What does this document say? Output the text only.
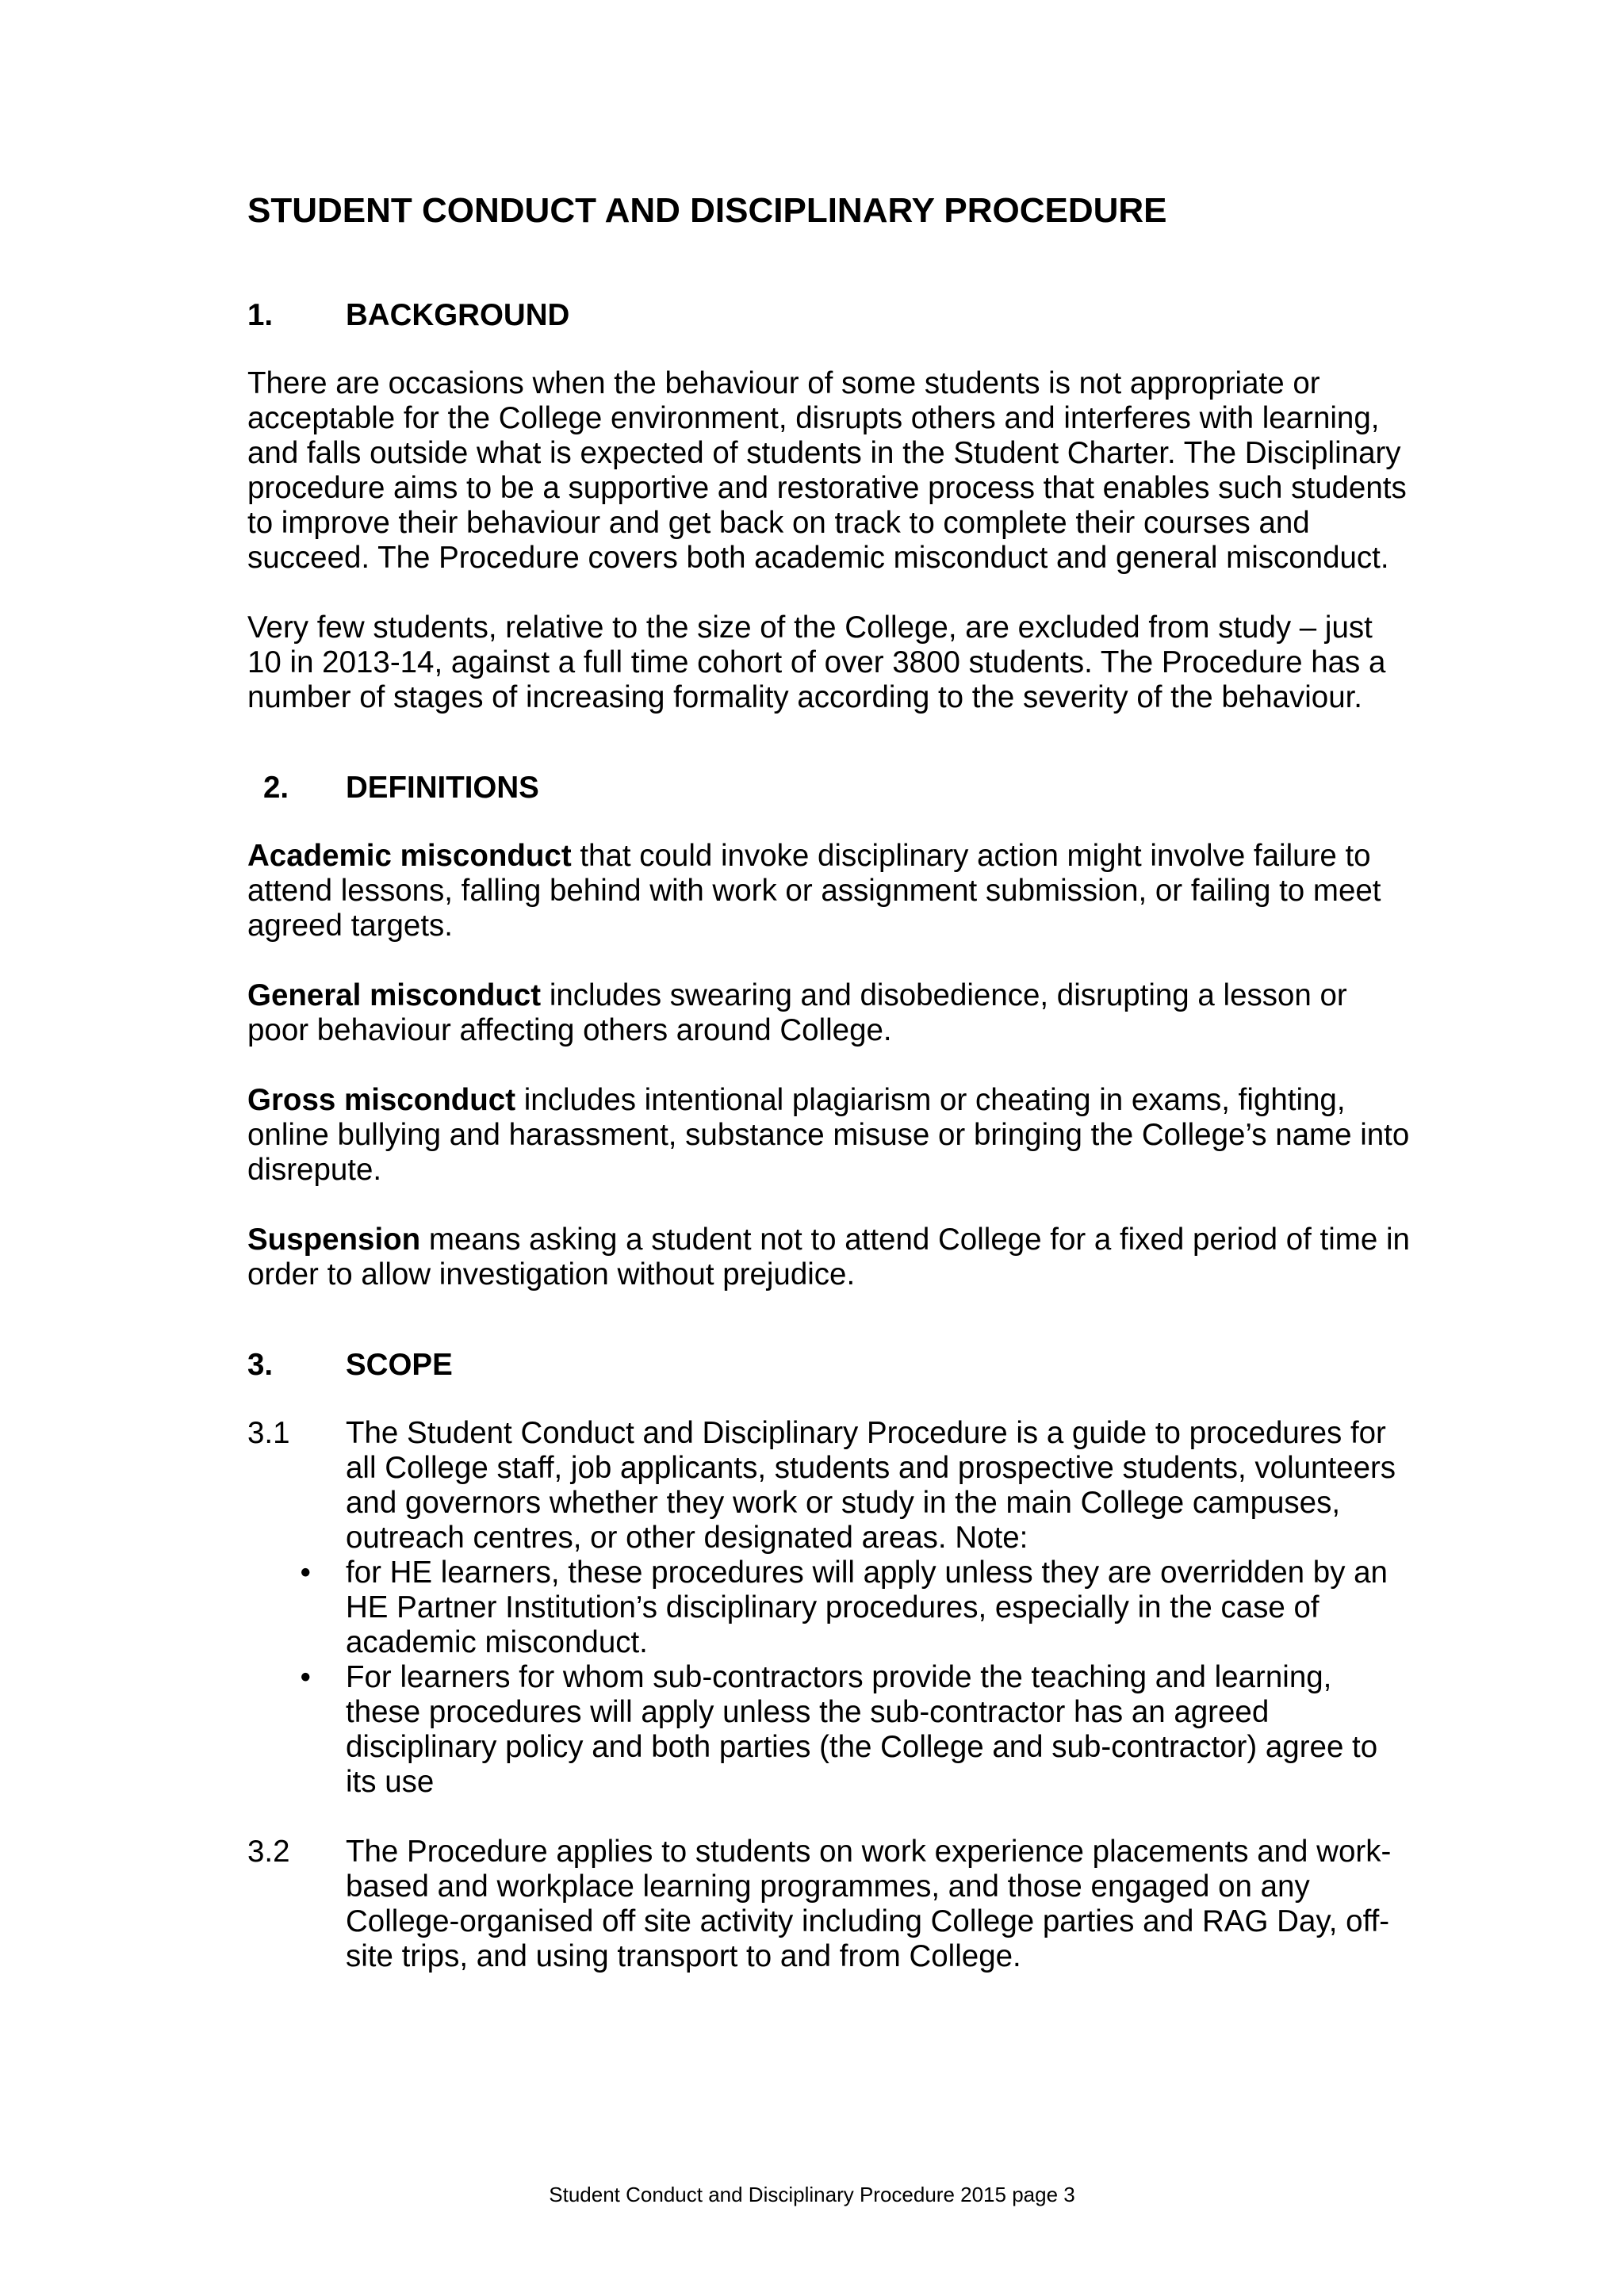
STUDENT CONDUCT AND DISCIPLINARY PROCEDURE
1.	BACKGROUND

There are occasions when the behaviour of some students is not appropriate or acceptable for the College environment, disrupts others and interferes with learning, and falls outside what is expected of students in the Student Charter. The Disciplinary procedure aims to be a supportive and restorative process that enables such students to improve their behaviour and get back on track to complete their courses and succeed. The Procedure covers both academic misconduct and general misconduct.

Very few students, relative to the size of the College, are excluded from study – just 10 in 2013-14, against a full time cohort of over 3800 students. The Procedure has a number of stages of increasing formality according to the severity of the behaviour.

2.	DEFINITIONS

Academic misconduct that could invoke disciplinary action might involve failure to attend lessons, falling behind with work or assignment submission, or failing to meet agreed targets.

General misconduct includes swearing and disobedience, disrupting a lesson or poor behaviour affecting others around College.

Gross misconduct includes intentional plagiarism or cheating in exams, fighting, online bullying and harassment, substance misuse or bringing the College’s name into disrepute.

Suspension means asking a student not to attend College for a fixed period of time in order to allow investigation without prejudice.

3.	SCOPE
3.1	The Student Conduct and Disciplinary Procedure is a guide to procedures for all College staff, job applicants, students and prospective students, volunteers and governors whether they work or study in the main College campuses, outreach centres, or other designated areas. Note:
•	for HE learners, these procedures will apply unless they are overridden by an HE Partner Institution’s disciplinary procedures, especially in the case of academic misconduct.
•	For learners for whom sub-contractors provide the teaching and learning, these procedures will apply unless the sub-contractor has an agreed disciplinary policy and both parties (the College and sub-contractor) agree to its use
3.2	The Procedure applies to students on work experience placements and work-based and workplace learning programmes, and those engaged on any College-organised off site activity including College parties and RAG Day, off-site trips, and using transport to and from College.
Student Conduct and Disciplinary Procedure 2015 page 3
